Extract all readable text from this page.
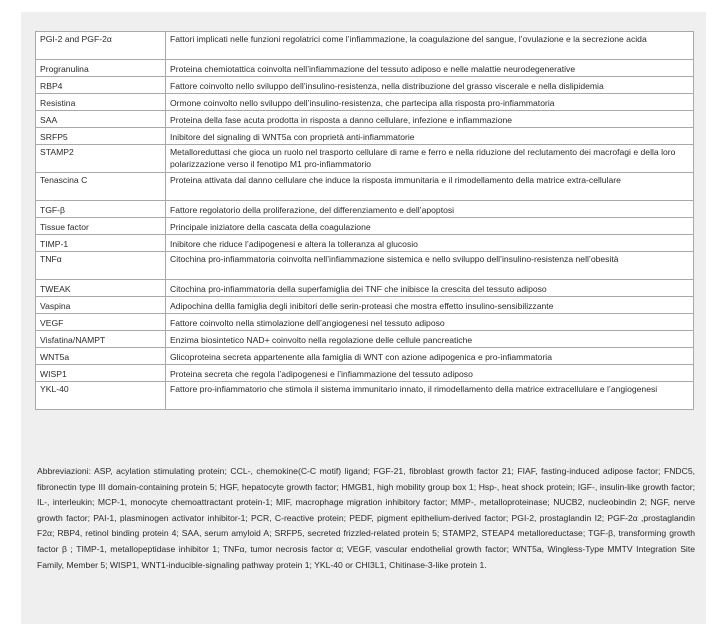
PGI-2 and PGF-2α	Fattori implicati nelle funzioni regolatrici come l’infiammazione, la coagulazione del sangue, l’ovulazione e la secrezione acida
Progranulina	Proteina chemiotattica coinvolta nell’infiammazione del tessuto adiposo e nelle malattie neurodegenerative
RBP4	Fattore coinvolto nello sviluppo dell’insulino-resistenza, nella distribuzione del grasso viscerale e nella dislipidemia
Resistina	Ormone coinvolto nello sviluppo dell’insulino-resistenza, che partecipa alla risposta pro-infiammatoria
SAA	Proteina della fase acuta prodotta in risposta a danno cellulare, infezione e infiammazione
SRFP5	Inibitore del signaling di WNT5a con proprietà anti-infiammatorie
STAMP2	Metalloreduttasi che gioca un ruolo nel trasporto cellulare di rame e ferro e nella riduzione del reclutamento dei macrofagi e della loro polarizzazione verso il fenotipo M1 pro-infiammatorio
Tenascina C	Proteina attivata dal danno cellulare che induce la risposta immunitaria e il rimodellamento della matrice extra-cellulare
TGF-β	Fattore regolatorio della proliferazione, del differenziamento e dell’apoptosi
Tissue factor	Principale iniziatore della cascata della coagulazione
TIMP-1	Inibitore che riduce l’adipogenesi e altera la tolleranza al glucosio
TNFα	Citochina pro-infiammatoria coinvolta nell’infiammazione sistemica e nello sviluppo dell’insulino-resistenza nell’obesità
TWEAK	Citochina pro-infiammatoria della superfamiglia dei TNF che inibisce la crescita del tessuto adiposo
Vaspina	Adipochina dellla famiglia degli inibitori delle serin-proteasi che mostra effetto insulino-sensibilizzante
VEGF	Fattore coinvolto nella stimolazione dell’angiogenesi nel tessuto adiposo
Visfatina/NAMPT	Enzima biosintetico NAD+ coinvolto nella regolazione delle cellule pancreatiche
WNT5a	Glicoproteina secreta appartenente alla famiglia di WNT con azione adipogenica e pro-infiammatoria
WISP1	Proteina secreta che regola l’adipogenesi e l’infiammazione del tessuto adiposo
YKL-40	Fattore pro-infiammatorio che stimola il sistema immunitario innato, il rimodellamento della matrice extracellulare e l’angiogenesi
Abbreviazioni: ASP, acylation stimulating protein; CCL-, chemokine(C-C motif) ligand; FGF-21, fibroblast growth factor 21; FIAF, fasting-induced adipose factor; FNDC5, fibronectin type III domain-containing protein 5; HGF, hepatocyte growth factor; HMGB1, high mobility group box 1; Hsp-, heat shock protein; IGF-, insulin-like growth factor; IL-, interleukin; MCP-1, monocyte chemoattractant protein-1; MIF, macrophage migration inhibitory factor; MMP-, metalloproteinase; NUCB2, nucleobindin 2; NGF, nerve growth factor; PAI-1, plasminogen activator inhibitor-1; PCR, C-reactive protein; PEDF, pigment epithelium-derived factor; PGI-2, prostaglandin I2; PGF-2α ,prostaglandin F2α; RBP4, retinol binding protein 4; SAA, serum amyloid A; SRFP5, secreted frizzled-related protein 5; STAMP2, STEAP4 metalloreductase; TGF-β, transforming growth factor β ; TIMP-1, metallopeptidase inhibitor 1; TNFα, tumor necrosis factor α; VEGF, vascular endothelial growth factor; WNT5a, Wingless-Type MMTV Integration Site Family, Member 5; WISP1, WNT1-inducible-signaling pathway protein 1; YKL-40 or CHI3L1, Chitinase-3-like protein 1.
